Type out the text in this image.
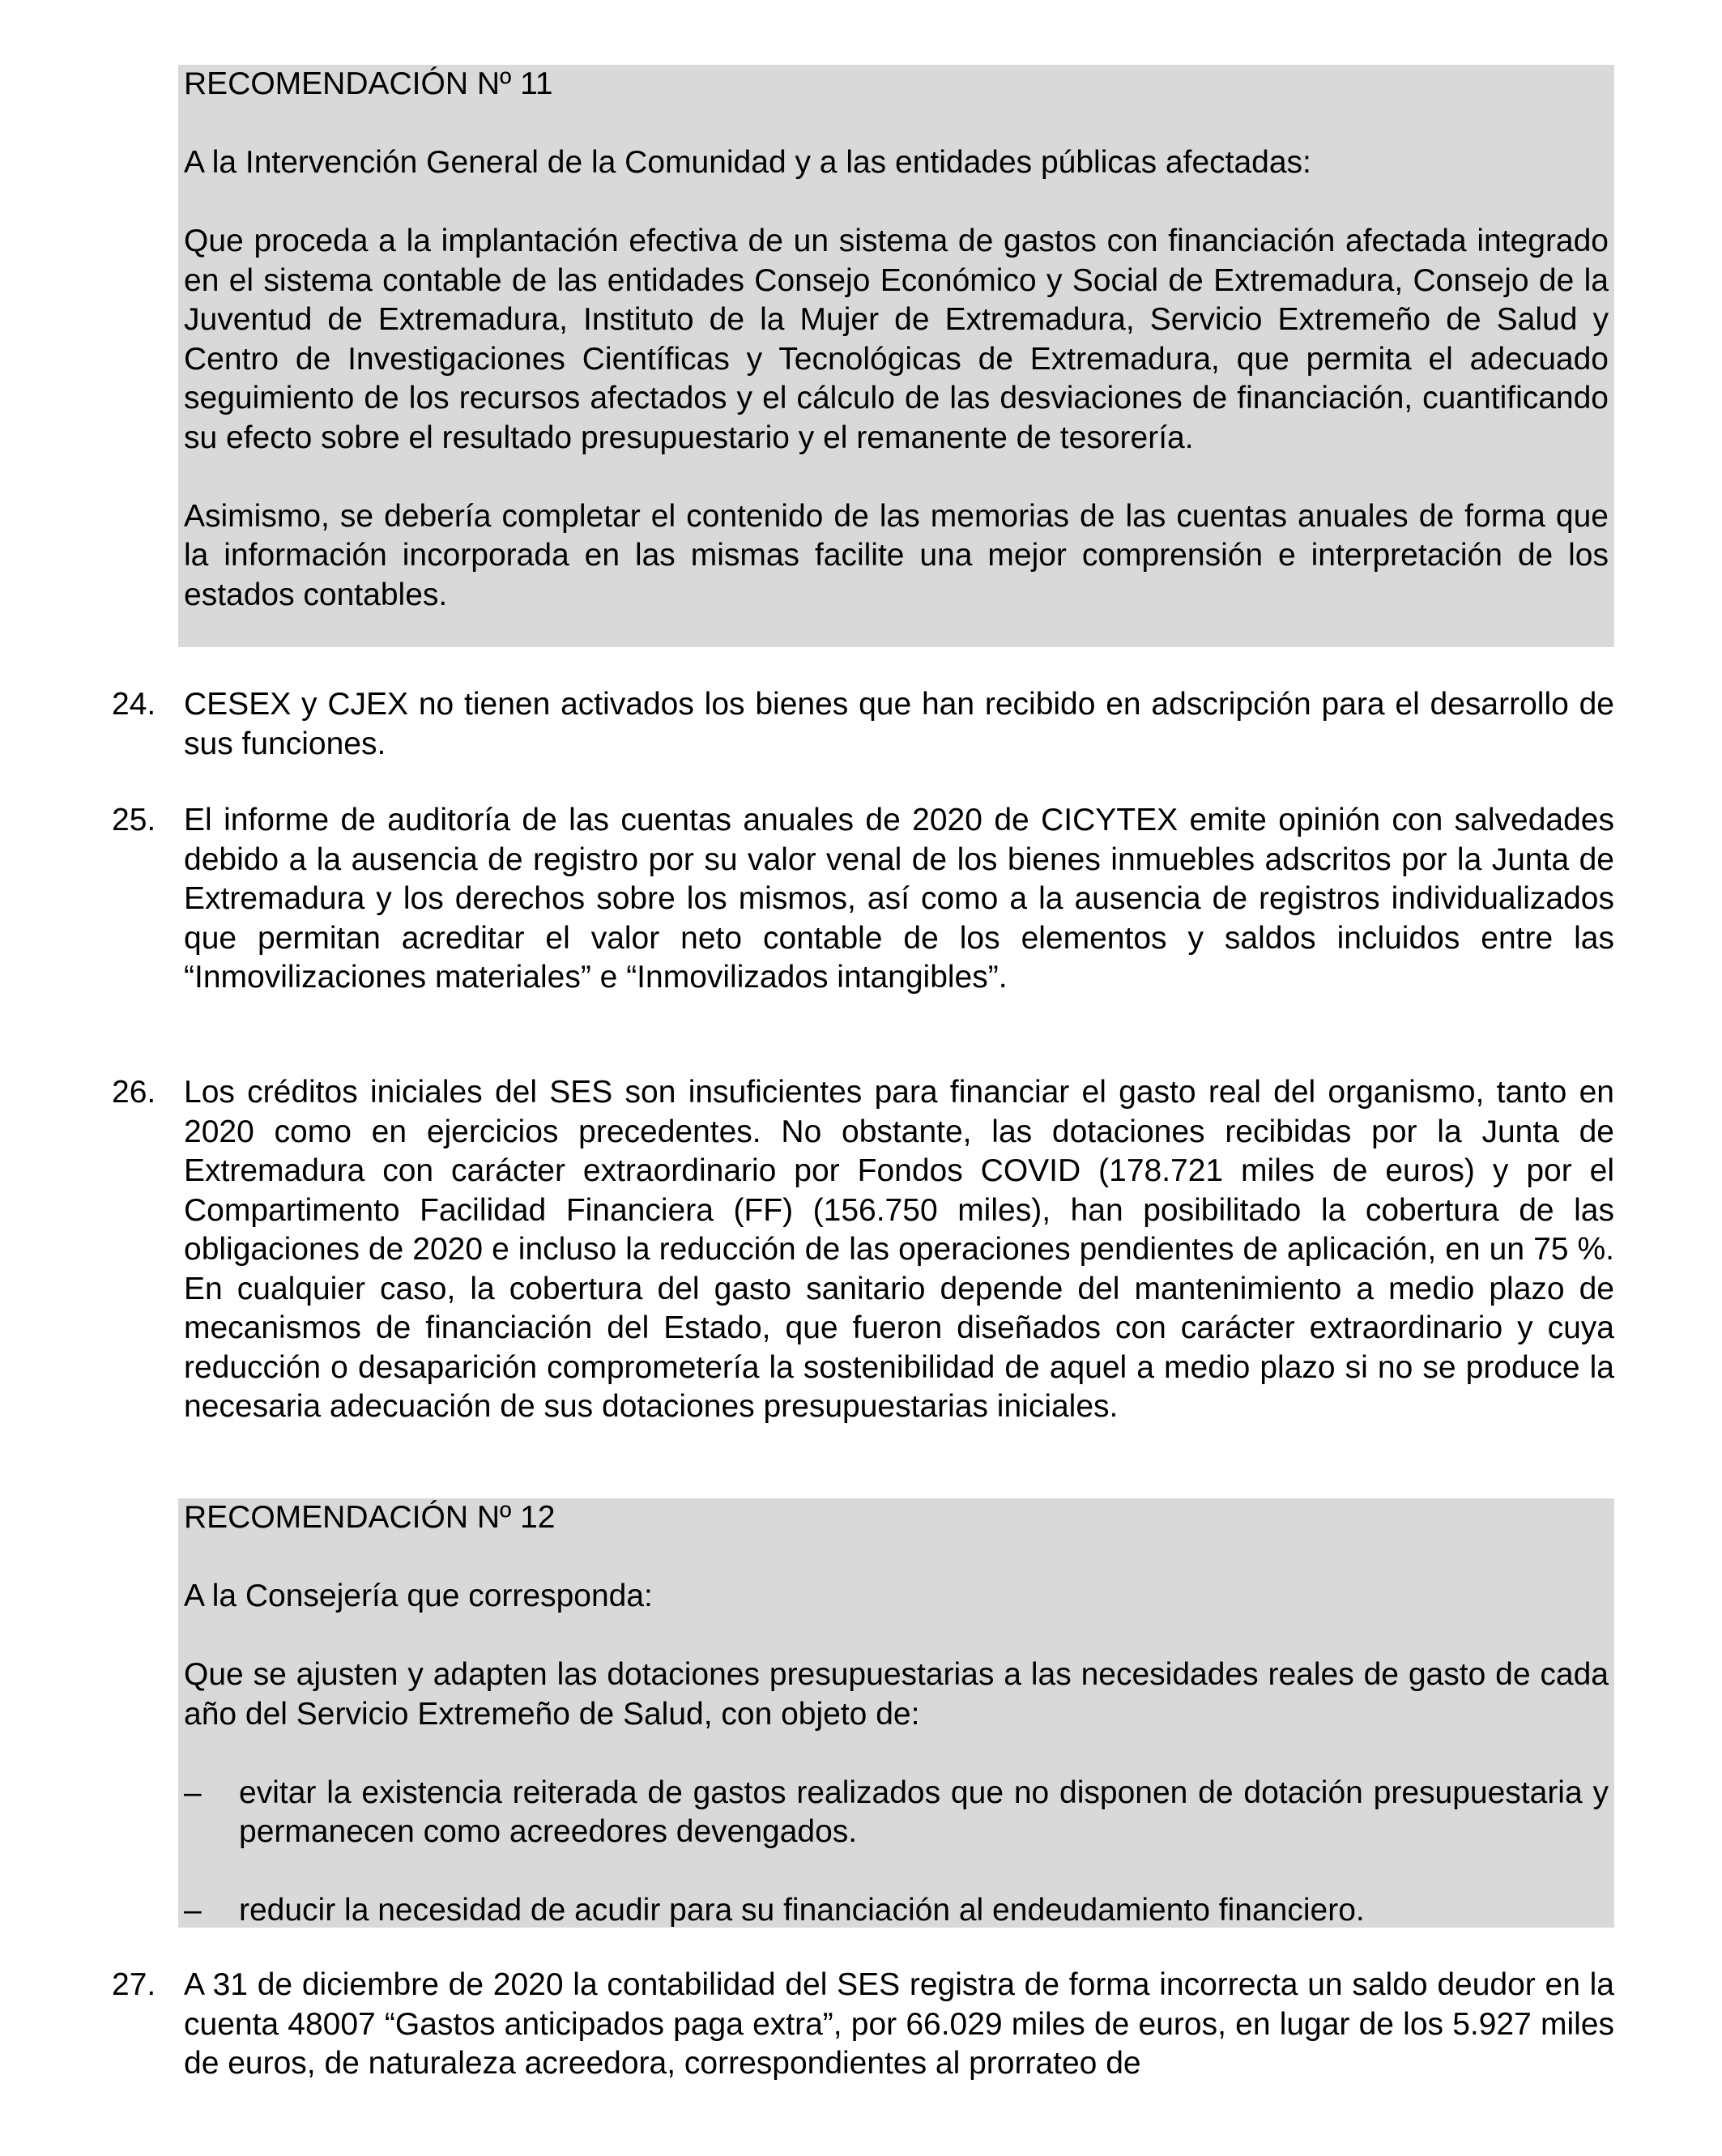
RECOMENDACIÓN Nº 11

A la Intervención General de la Comunidad y a las entidades públicas afectadas:

Que proceda a la implantación efectiva de un sistema de gastos con financiación afectada integrado en el sistema contable de las entidades Consejo Económico y Social de Extremadura, Consejo de la Juventud de Extremadura, Instituto de la Mujer de Extremadura, Servicio Extremeño de Salud y Centro de Investigaciones Científicas y Tecnológicas de Extremadura, que permita el adecuado seguimiento de los recursos afectados y el cálculo de las desviaciones de financiación, cuantificando su efecto sobre el resultado presupuestario y el remanente de tesorería.

Asimismo, se debería completar el contenido de las memorias de las cuentas anuales de forma que la información incorporada en las mismas facilite una mejor comprensión e interpretación de los estados contables.

24. CESEX y CJEX no tienen activados los bienes que han recibido en adscripción para el desarrollo de sus funciones.
25. El informe de auditoría de las cuentas anuales de 2020 de CICYTEX emite opinión con salvedades debido a la ausencia de registro por su valor venal de los bienes inmuebles adscritos por la Junta de Extremadura y los derechos sobre los mismos, así como a la ausencia de registros individualizados que permitan acreditar el valor neto contable de los elementos y saldos incluidos entre las “Inmovilizaciones materiales” e “Inmovilizados intangibles”.
26. Los créditos iniciales del SES son insuficientes para financiar el gasto real del organismo, tanto en 2020 como en ejercicios precedentes. No obstante, las dotaciones recibidas por la Junta de Extremadura con carácter extraordinario por Fondos COVID (178.721 miles de euros) y por el Compartimento Facilidad Financiera (FF) (156.750 miles), han posibilitado la cobertura de las obligaciones de 2020 e incluso la reducción de las operaciones pendientes de aplicación, en un 75 %. En cualquier caso, la cobertura del gasto sanitario depende del mantenimiento a medio plazo de mecanismos de financiación del Estado, que fueron diseñados con carácter extraordinario y cuya reducción o desaparición comprometería la sostenibilidad de aquel a medio plazo si no se produce la necesaria adecuación de sus dotaciones presupuestarias iniciales.

RECOMENDACIÓN Nº 12

A la Consejería que corresponda:

Que se ajusten y adapten las dotaciones presupuestarias a las necesidades reales de gasto de cada año del Servicio Extremeño de Salud, con objeto de:

– evitar la existencia reiterada de gastos realizados que no disponen de dotación presupuestaria y permanecen como acreedores devengados.
– reducir la necesidad de acudir para su financiación al endeudamiento financiero.
27. A 31 de diciembre de 2020 la contabilidad del SES registra de forma incorrecta un saldo deudor en la cuenta 48007 “Gastos anticipados paga extra”, por 66.029 miles de euros, en lugar de los 5.927 miles de euros, de naturaleza acreedora, correspondientes al prorrateo de
